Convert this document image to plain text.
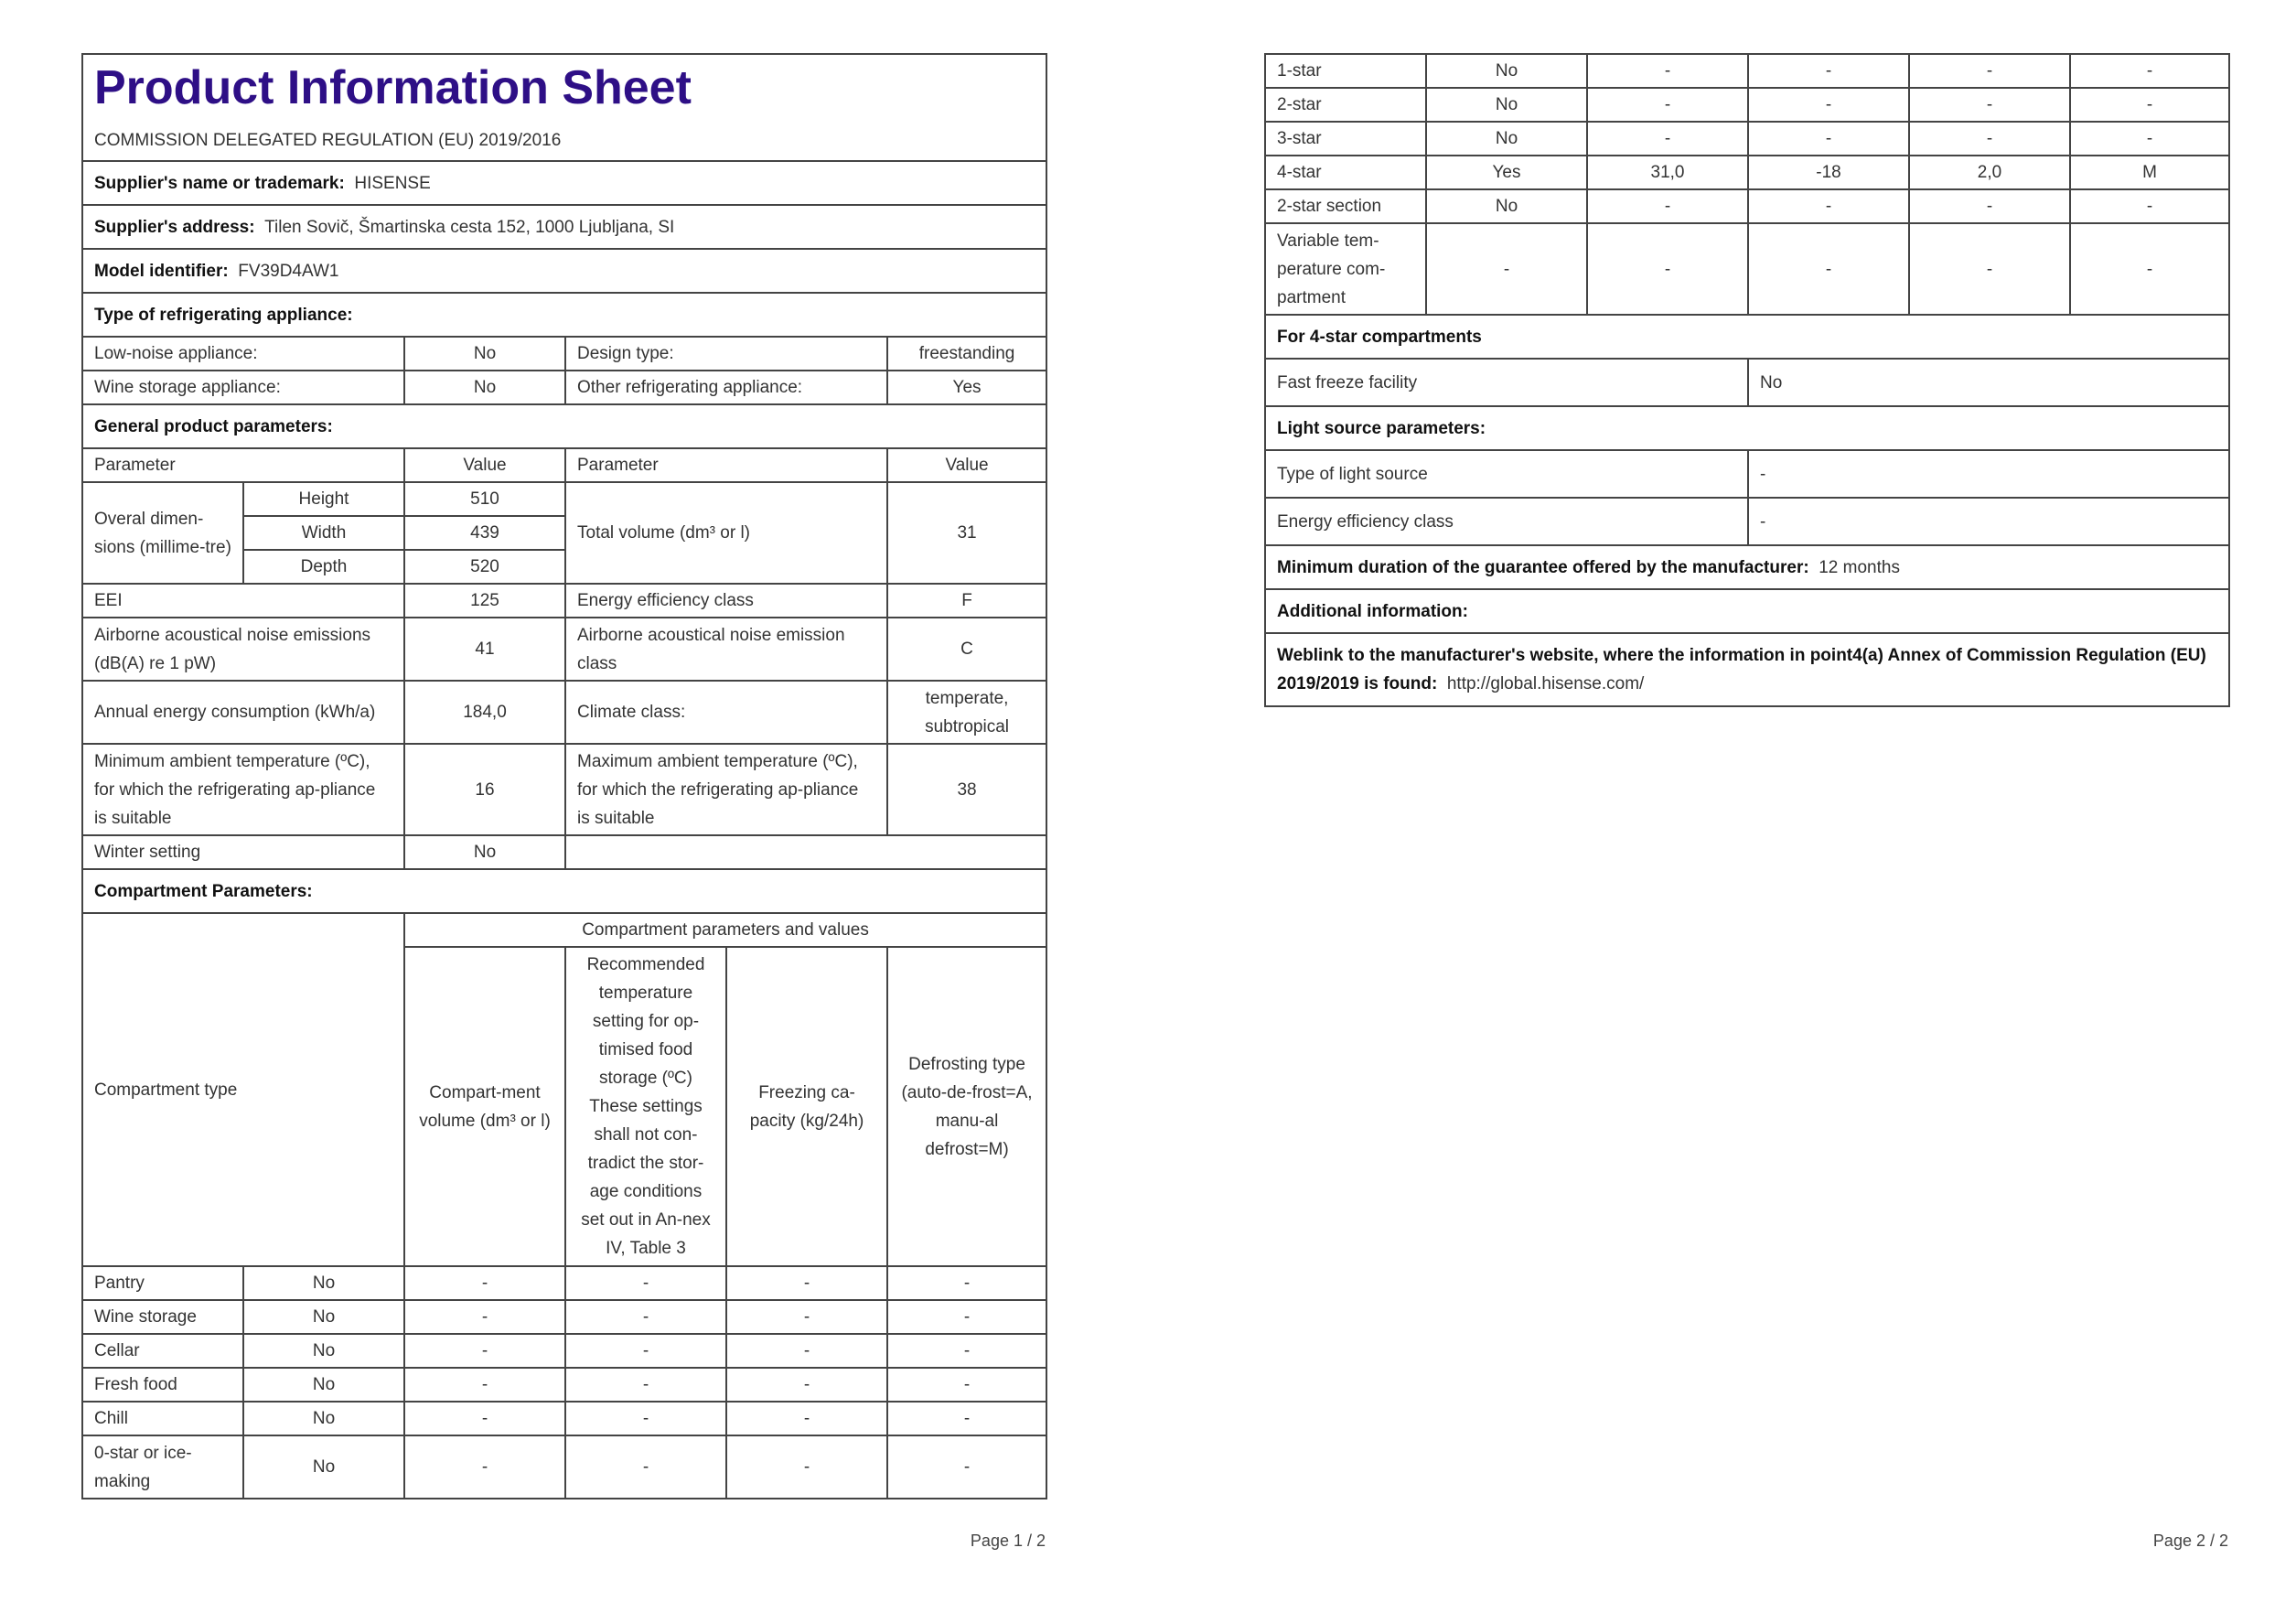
Product Information Sheet
COMMISSION DELEGATED REGULATION (EU) 2019/2016					

Supplier's name or trademark: HISENSE					
Supplier's address: Tilen Sovič, Šmartinska cesta 152, 1000 Ljubljana, SI					
Model identifier: FV39D4AW1					
Type of refrigerating appliance:					
Low-noise appliance:		No	Design type:		freestanding
Wine storage appliance:		No	Other refrigerating appliance:		Yes
General product parameters:					
Parameter		Value	Parameter		Value
Overal dimen-sions (millime-tre)	Height	510	Total volume (dm³ or l)		31
	Width	439			
	Depth	520			
EEI		125	Energy efficiency class		F
Airborne acoustical noise emissions (dB(A) re 1 pW)		41	Airborne acoustical noise emission class		C
Annual energy consumption (kWh/a)		184,0	Climate class:		temperate, subtropical
Minimum ambient temperature (ºC), for which the refrigerating ap-pliance is suitable		16	Maximum ambient temperature (ºC), for which the refrigerating ap-pliance is suitable		38
Winter setting		No			
Compartment Parameters:					
Compartment type		Compartment parameters and values			
		Compart-ment volume (dm³ or l)	Recommended temperature setting for op-timised food storage (ºC) These settings shall not con-tradict the stor-age conditions set out in An-nex IV, Table 3	Freezing ca-pacity (kg/24h)	Defrosting type (auto-de-frost=A, manu-al defrost=M)
Pantry	No	-	-	-	-
Wine storage	No	-	-	-	-
Cellar	No	-	-	-	-
Fresh food	No	-	-	-	-
Chill	No	-	-	-	-
0-star or ice-making	No	-	-	-	-
Page 1 / 2
1-star	No	-	-	-	-
2-star	No	-	-	-	-
3-star	No	-	-	-	-
4-star	Yes	31,0	-18	2,0	M
2-star section	No	-	-	-	-
Variable tem-perature com-partment	-	-	-	-	-
For 4-star compartments					
Fast freeze facility			No		
Light source parameters:					
Type of light source			-		
Energy efficiency class			-		
Minimum duration of the guarantee offered by the manufacturer: 12 months					
Additional information:					
Weblink to the manufacturer's website, where the information in point4(a) Annex of Commission Regulation (EU) 2019/2019 is found: http://global.hisense.com/					
Page 2 / 2
